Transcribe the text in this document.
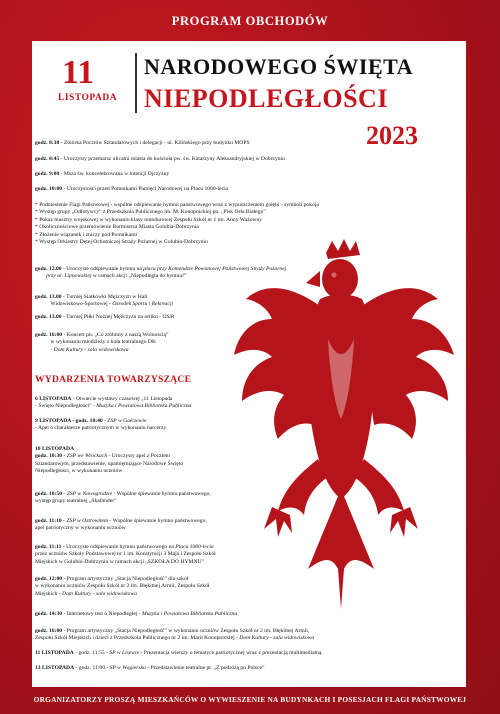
PROGRAM OBCHODÓW
11
LISTOPADA
NARODOWEGO ŚWIĘTA
NIEPODLEGŁOŚCI
2023
godz. 8:30 - Zbiórka Pocztów Sztandarowych i delegacji - ul. Kilińskiego przy budynku MOPS
godz. 8:45 - Uroczysty przemarsz ulicami miasta do kościoła pw. św. Katarzyny Aleksandryjskiej w Dobrzyniu
godz. 9:00 - Msza św. koncelebrowana w intencji Ojczyzny
godz. 10:00 - Uroczystości przed Pomnikami Pamięci Narodowej na Placu 1000-lecia
* Podniesienie Flagi Państwowej - wspólne odśpiewanie hymnu państwowego wraz z wypuszczeniem gołębi - symboli pokoju
* Występ grupy „Odlotywcy” z Przedszkola Publicznego im. M. Konopnickiej pn. „Pisk Orła Białego”
* Pokaz musztry wojskowej w wykonaniu klasy mundurowej Zespołu Szkół nr 1 im. Anny Ważowny
* Okolicznościowe przemówienie Burmistrza Miasta Golubia-Dobrzynia
* Złożenie wiązanek i zniczy pod Pomnikami
* Występ Orkiestry Dętej Ochotniczej Straży Pożarnej w Golubiu-Dobrzyniu
godz. 12.00 - Uroczyste odśpiewanie hymnu na placu przy Komendzie Powiatowej Państwowej Straży Pożarnej
przy ul. Lipnowskiej w ramach akcji „Niepodległa do hymnu!”
godz. 13.00 - Turniej Siatkówki Mężczyzn w Hali
Widowiskowo-Sportowej - Ośrodek Sportu i Rekreacji
godz. 13.00 - Turniej Piłki Nożnej Mężczyzn na orliku - OSiR
godz. 16:00 - Koncert pn. „Co zrobimy z naszą Wolnością”
w wykonaniu młodzieży z koła teatralnego DK
- Dom Kultury - sala widowiskowa
WYDARZENIA TOWARZYSZĄCE
6 LISTOPADA - Otwarcie wystawy czasowej „11 Listopada
- Święto Niepodległości” - Muzyka i Powiatowa Biblioteka Publiczna
9 LISTOPADA - godz. 10:40 - ZSP w Gałczewie
- Apel o charakterze patriotycznym w wykonaniu harcerzy
10 LISTOPADA
godz. 10:30 - ZSP we Wrockach - Uroczysty apel z Pocztem
Sztandarowym, przedstawienie, upamiętniające Narodowe Święto
Niepodległości, w wykonaniu uczniów
godz. 10:50 - ZSP w Nowogrodzie - Wspólne śpiewanie hymnu państwowego,
występ grupy teatralnej „Skafander”
godz. 11:10 - ZSP w Ostrowitem - Wspólne śpiewanie hymnu państwowego,
apel patriotyczny w wykonaniu uczniów
godz. 11:11 - Uroczyste odśpiewanie hymnu państwowego na Placu 1000-lecia
przez uczniów Szkoły Podstawowej nr 1 im. Konstytucji 3 Maja i Zespołu Szkół
Miejskich w Golubiu-Dobrzyniu w ramach akcji „SZKOŁA DO HYMNU”
godz. 12:00 - Program artystyczny „Stacja Niepodległość” dla szkół
w wykonaniu uczniów Zespołu Szkół nr 2 im. Błękitnej Armii, Zespołu Szkół
Miejskich - Dom Kultury - sala widowiskowa
godz. 14:30 - Internetowy test o Niepodległej - Muzyka i Powiatowa Biblioteka Publiczna
godz. 16:00 - Program artystyczny „Stacja Niepodległość” w wykonaniu uczniów Zespołu Szkół nr 2 im. Błękitnej Armii,
Zespołu Szkół Miejskich i dzieci z Przedszkola Publicznego nr 2 im. Marii Konopnickiej - Dom Kultury - sala widowiskowa
11 LISTOPADA - godz. 11:55 - SP w Lisewie - Prezentacja wierszy o tematyce patriotycznej wraz z prezentacją multimedialną
13 LISTOPADA - godz. 11:00 - SP w Węgiersku - Przedstawienie teatralne pt. „Z podróżą po Polsce”
ORGANIZATORZY PROSZĄ MIESZKAŃCÓW O WYWIESZENIE NA BUDYNKACH I POSESJACH FLAGI PAŃSTWOWEJ
